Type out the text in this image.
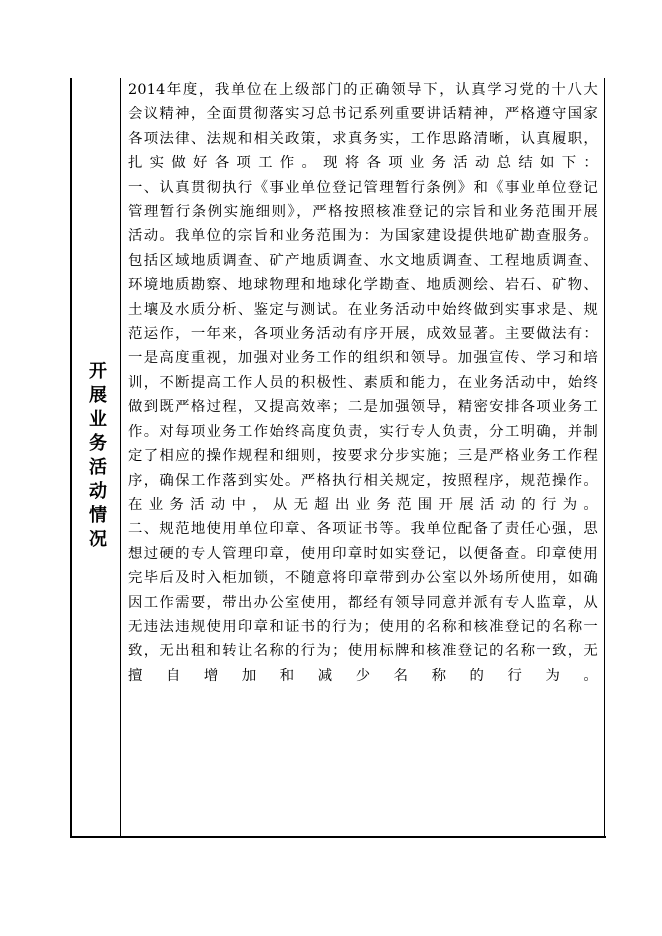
开展业务活动情况

2014年度，我单位在上级部门的正确领导下，认真学习党的十八大

会议精神，全面贯彻落实习总书记系列重要讲话精神，严格遵守国家

各项法律、法规和相关政策，求真务实，工作思路清晰，认真履职，

扎 实 做 好 各 项 工 作 。 现 将 各 项 业 务 活 动 总 结 如 下 ：

一、认真贯彻执行《事业单位登记管理暂行条例》和《事业单位登记

管理暂行条例实施细则》，严格按照核准登记的宗旨和业务范围开展

活动。我单位的宗旨和业务范围为：为国家建设提供地矿勘查服务。

包括区域地质调查、矿产地质调查、水文地质调查、工程地质调查、

环境地质勘察、地球物理和地球化学勘查、地质测绘、岩石、矿物、

土壤及水质分析、鉴定与测试。在业务活动中始终做到实事求是、规

范运作，一年来，各项业务活动有序开展，成效显著。主要做法有：

一是高度重视，加强对业务工作的组织和领导。加强宣传、学习和培

训，不断提高工作人员的积极性、素质和能力，在业务活动中，始终

做到既严格过程，又提高效率；二是加强领导，精密安排各项业务工

作。对每项业务工作始终高度负责，实行专人负责，分工明确，并制

定了相应的操作规程和细则，按要求分步实施；三是严格业务工作程

序，确保工作落到实处。严格执行相关规定，按照程序，规范操作。

在 业 务 活 动 中 ， 从 无 超 出 业 务 范 围 开 展 活 动 的 行 为 。

二、规范地使用单位印章、各项证书等。我单位配备了责任心强，思

想过硬的专人管理印章，使用印章时如实登记，以便备查。印章使用

完毕后及时入柜加锁，不随意将印章带到办公室以外场所使用，如确

因工作需要，带出办公室使用，都经有领导同意并派有专人监章，从

无违法违规使用印章和证书的行为；使用的名称和核准登记的名称一

致，无出租和转让名称的行为；使用标牌和核准登记的名称一致，无

擅 自 增 加 和 减 少 名 称 的 行 为 。
